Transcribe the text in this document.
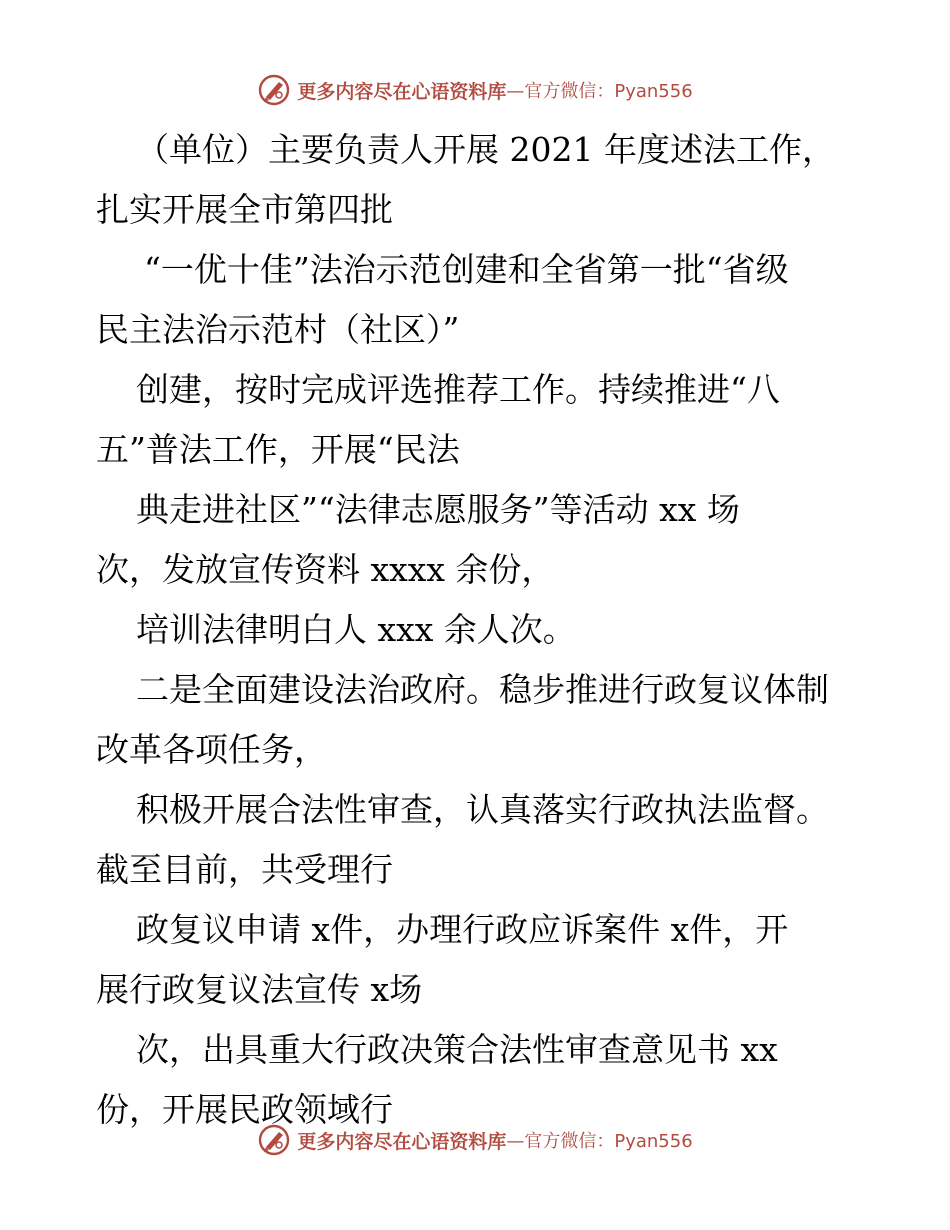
更多内容尽在心语资料库 —官方微信：Pyan556
（单位）主要负责人开展 2021 年度述法工作，
扎实开展全市第四批
“一优十佳”法治示范创建和全省第一批“省级
民主法治示范村（社区）”
创建，按时完成评选推荐工作。持续推进“八
五”普法工作，开展“民法
典走进社区”“法律志愿服务”等活动 xx 场
次，发放宣传资料 xxxx 余份，
培训法律明白人 xxx 余人次。
二是全面建设法治政府。稳步推进行政复议体制
改革各项任务，
积极开展合法性审查，认真落实行政执法监督。
截至目前，共受理行
政复议申请 x件，办理行政应诉案件 x件，开
展行政复议法宣传 x场
次，出具重大行政决策合法性审查意见书 xx
份，开展民政领域行
更多内容尽在心语资料库 —官方微信：Pyan556
